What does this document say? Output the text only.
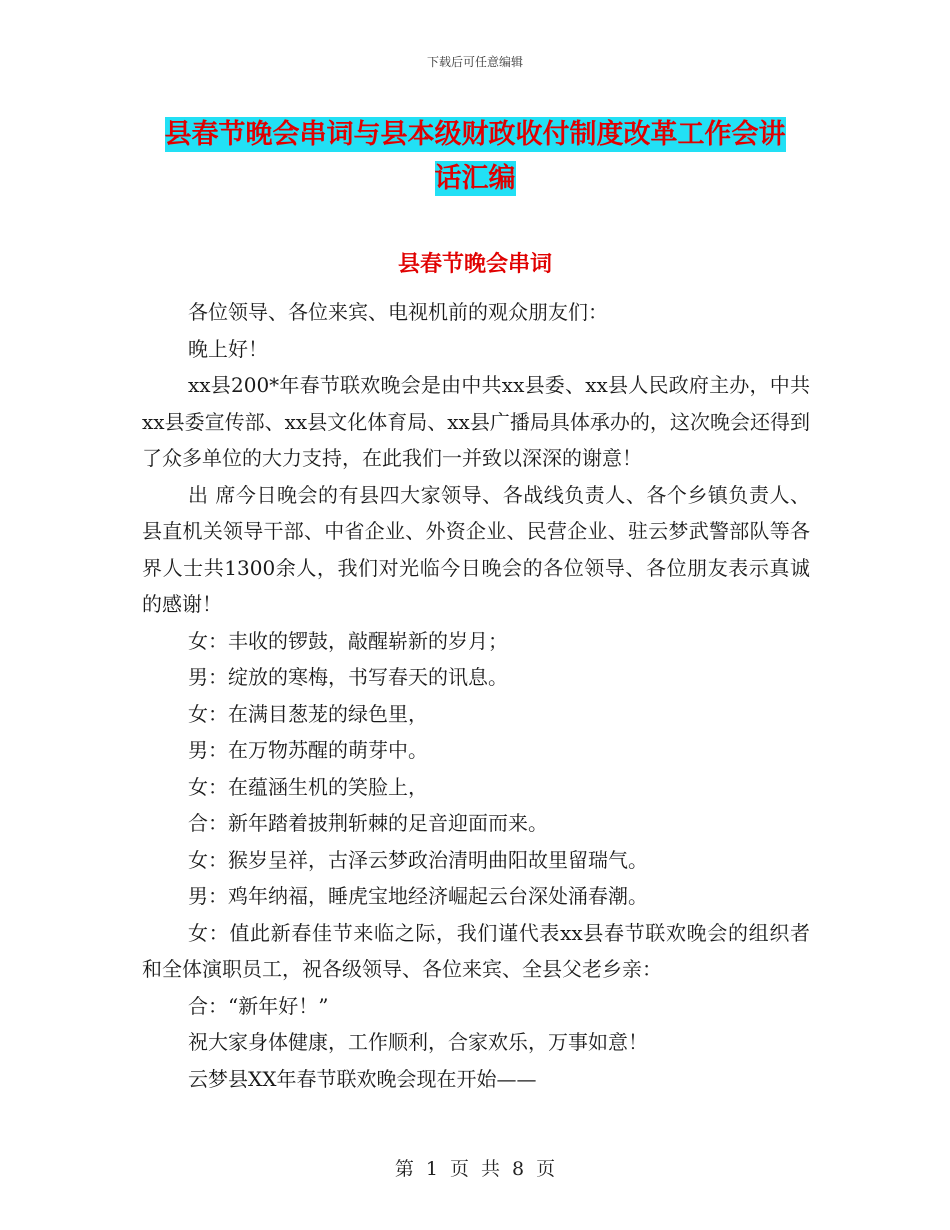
下载后可任意编辑
县春节晚会串词与县本级财政收付制度改革工作会讲
话汇编
县春节晚会串词

各位领导、各位来宾、电视机前的观众朋友们：

晚上好！

xx县200*年春节联欢晚会是由中共xx县委、xx县人民政府主办，中共xx县委宣传部、xx县文化体育局、xx县广播局具体承办的，这次晚会还得到了众多单位的大力支持，在此我们一并致以深深的谢意！

出 席今日晚会的有县四大家领导、各战线负责人、各个乡镇负责人、县直机关领导干部、中省企业、外资企业、民营企业、驻云梦武警部队等各界人士共1300余人，我们对光临今日晚会的各位领导、各位朋友表示真诚的感谢！

女：丰收的锣鼓，敲醒崭新的岁月；

男：绽放的寒梅，书写春天的讯息。

女：在满目葱茏的绿色里，

男：在万物苏醒的萌芽中。

女：在蕴涵生机的笑脸上，

合：新年踏着披荆斩棘的足音迎面而来。

女：猴岁呈祥，古泽云梦政治清明曲阳故里留瑞气。

男：鸡年纳福，睡虎宝地经济崛起云台深处涌春潮。

女：值此新春佳节来临之际，我们谨代表xx县春节联欢晚会的组织者和全体演职员工，祝各级领导、各位来宾、全县父老乡亲：

合：“新年好！”

祝大家身体健康，工作顺利，合家欢乐，万事如意！

云梦县XX年春节联欢晚会现在开始——

第 1 页 共 8 页
